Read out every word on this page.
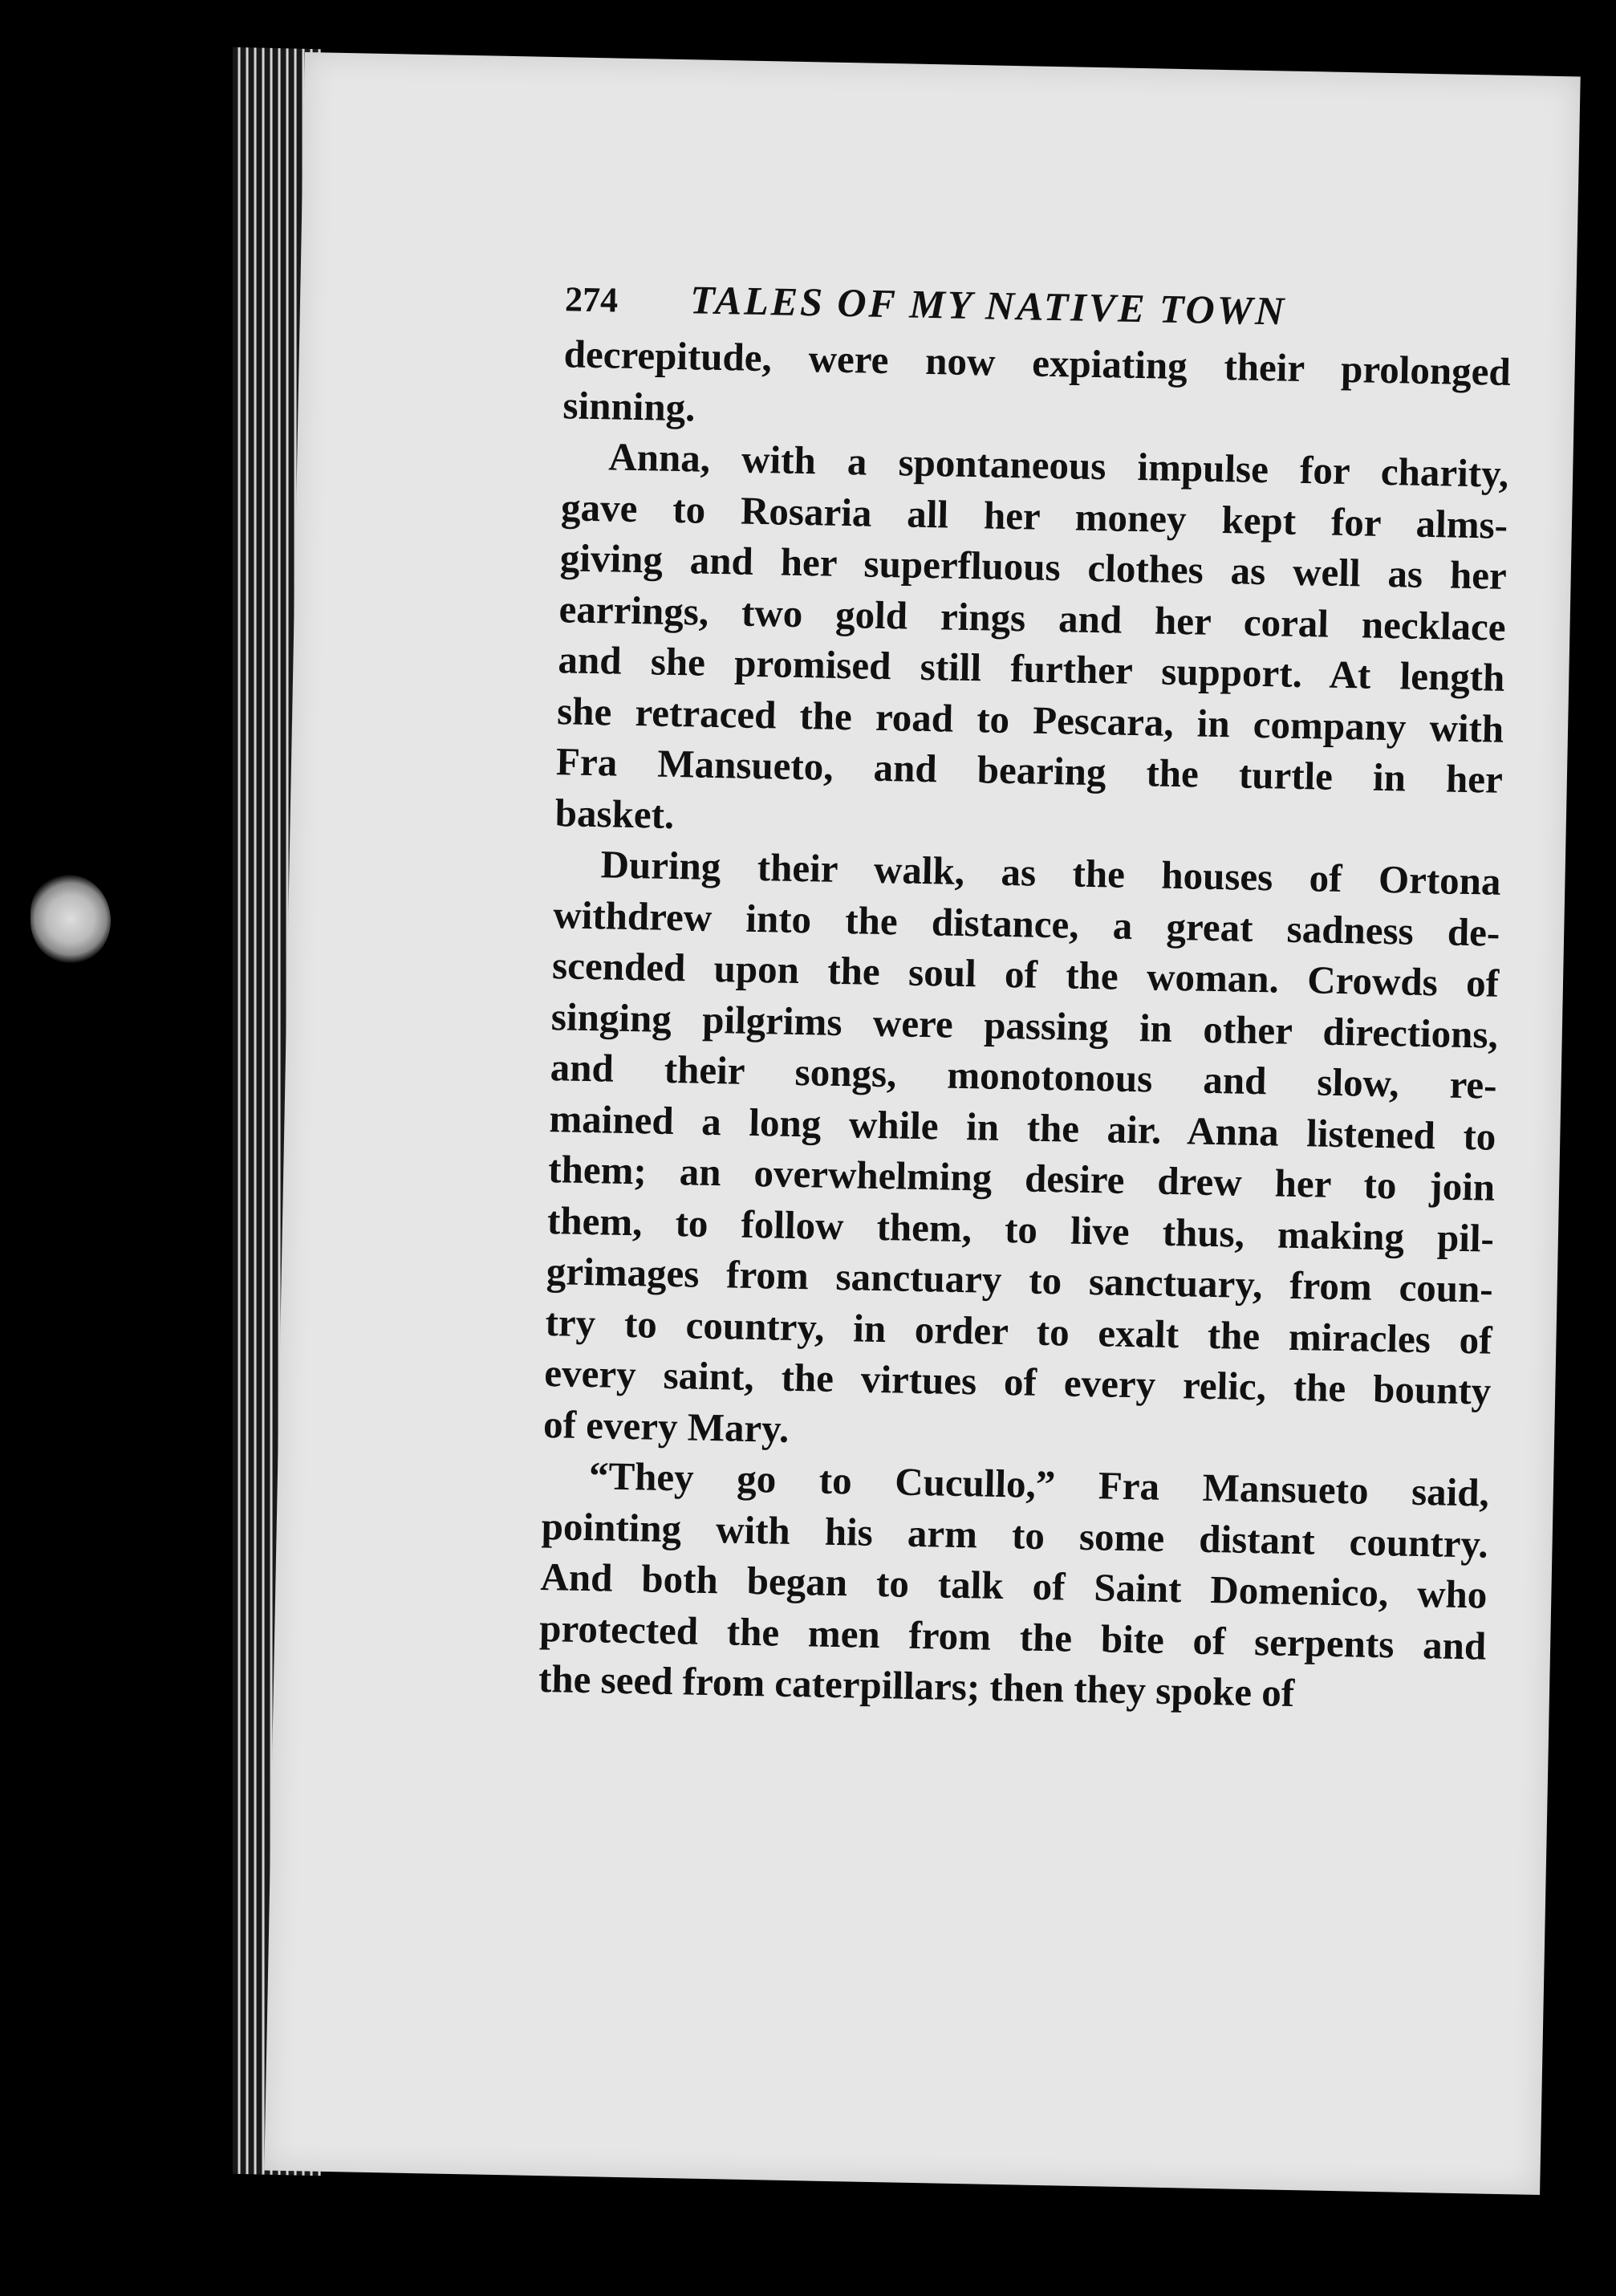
274 TALES OF MY NATIVE TOWN

decrepitude, were now expiating their prolonged
sinning.

Anna, with a spontaneous impulse for charity,
gave to Rosaria all her money kept for alms-
giving and her superfluous clothes as well as her
earrings, two gold rings and her coral necklace
and she promised still further support. At length
she retraced the road to Pescara, in company with
Fra Mansueto, and bearing the turtle in her
basket.

During their walk, as the houses of Ortona
withdrew into the distance, a great sadness de-
scended upon the soul of the woman. Crowds of
singing pilgrims were passing in other directions,
and their songs, monotonous and slow, re-
mained a long while in the air. Anna listened to
them; an overwhelming desire drew her to join
them, to follow them, to live thus, making pil-
grimages from sanctuary to sanctuary, from coun-
try to country, in order to exalt the miracles of
every saint, the virtues of every relic, the bounty
of every Mary.

“They go to Cucullo,” Fra Mansueto said,
pointing with his arm to some distant country.
And both began to talk of Saint Domenico, who
protected the men from the bite of serpents and
the seed from caterpillars; then they spoke of
